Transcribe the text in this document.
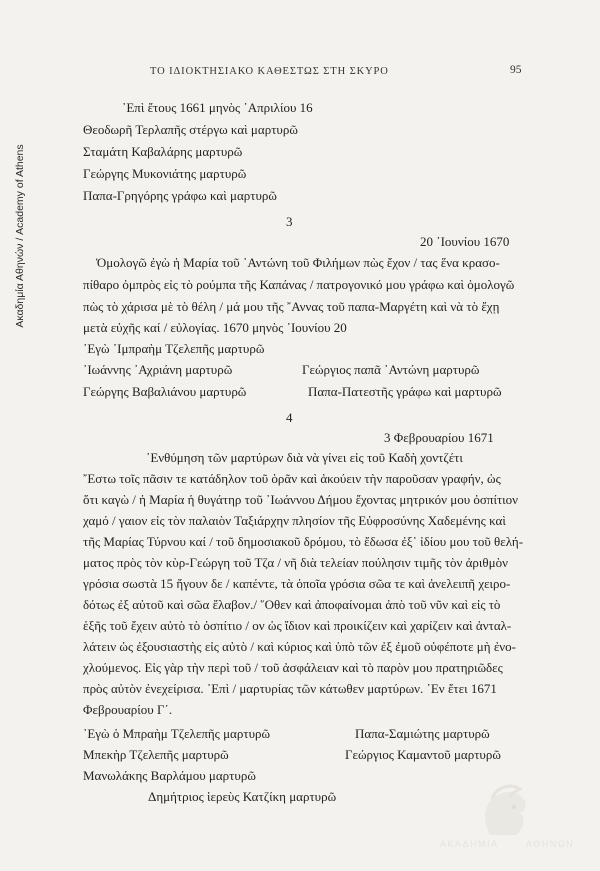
Ακαδημία Αθηνών / Academy of Athens
ΤΟ ΙΔΙΟΚΤΗΣΙΑΚΟ ΚΑΘΕΣΤΩΣ ΣΤΗ ΣΚΥΡΟ	95
᾿Επὶ ἔτους 1661 μηνὸς ᾿Απριλίου 16
Θεοδωρῆ Τερλαπῆς στέργω καὶ μαρτυρῶ
Σταμάτη Καβαλάρης μαρτυρῶ
Γεώργης Μυκονιάτης μαρτυρῶ
Παπα-Γρηγόρης γράφω καὶ μαρτυρῶ
3
20 ᾿Ιουνίου 1670
Ὁμολογῶ ἐγὼ ἡ Μαρία τοῦ ᾿Αντώνη τοῦ Φιλήμων πὼς ἔχον / τας ἕνα κρασο-
πίθαρο ὀμπρὸς εἰς τὸ ρούμπα τῆς Καπάνας / πατρογονικό μου γράφω καὶ ὁμολογῶ
πὼς τὸ χάρισα μὲ τὸ θέλη / μά μου τῆς ῎Αννας τοῦ παπα-Μαργέτη καὶ νὰ τὸ ἔχῃ
μετὰ εὐχῆς καί / εὐλογίας. 1670 μηνὸς ᾿Ιουνίου 20
᾿Εγὼ ῾Ιμπραὴμ Τζελεπῆς μαρτυρῶ
᾿Ιωάννης ᾿Αχριάνη μαρτυρῶ	Γεώργιος παπᾶ ᾿Αντώνη μαρτυρῶ
Γεώργης Βαβαλιάνου μαρτυρῶ	Παπα-Πατεστῆς γράφω καὶ μαρτυρῶ
4
3 Φεβρουαρίου 1671
᾿Ενθύμηση τῶν μαρτύρων διὰ νὰ γίνει εἰς τοῦ Καδὴ χοντζέτι
῎Εστω τοῖς πᾶσιν τε κατάδηλον τοῦ ὁρᾶν καὶ ἀκούειν τὴν παροῦσαν γραφήν, ὡς
ὅτι καγὼ / ἡ Μαρία ἡ θυγάτηρ τοῦ ᾿Ιωάννου Δήμου ἔχοντας μητρικόν μου ὀσπίτιον
χαμό / γαιον εἰς τὸν παλαιὸν Ταξιάρχην πλησίον τῆς Εὐφροσύνης Χαδεμένης καὶ
τῆς Μαρίας Τύρνου καί / τοῦ δημοσιακοῦ δρόμου, τὸ ἔδωσα ἐξ᾿ ἰδίου μου τοῦ θελή-
ματος πρὸς τὸν κὺρ-Γεώργη τοῦ Τζα / νῆ διὰ τελείαν πούλησιν τιμῆς τὸν ἀριθμὸν
γρόσια σωστὰ 15 ἤγουν δε / καπέντε, τὰ ὁποῖα γρόσια σῶα τε καὶ ἀνελειπῆ χειρο-
δότως ἐξ αὐτοῦ καὶ σῶα ἔλαβον./ ῞Οθεν καὶ ἀποφαίνομαι ἀπὸ τοῦ νῦν καὶ εἰς τὸ
ἑξῆς τοῦ ἔχειν αὐτὸ τὸ ὀσπίτιο / ον ὡς ἴδιον καὶ προικίζειν καὶ χαρίζειν καὶ ἀνταλ-
λάτειν ὡς ἐξουσιαστὴς εἰς αὐτὸ / καὶ κύριος καὶ ὑπὸ τῶν ἐξ ἐμοῦ οὐφέποτε μὴ ἐνο-
χλούμενος. Εἰς γὰρ τὴν περὶ τοῦ / τοῦ ἀσφάλειαν καὶ τὸ παρὸν μου πρατηριῶδες
πρὸς αὐτὸν ἐνεχείρισα. ᾿Επὶ / μαρτυρίας τῶν κάτωθεν μαρτύρων. ᾿Εν ἔτει 1671
Φεβρουαρίου Γ΄.
᾿Εγὼ ὁ Μπραὴμ Τζελεπῆς μαρτυρῶ	Παπα-Σαμιώτης μαρτυρῶ
Μπεκὴρ Τζελεπῆς μαρτυρῶ	Γεώργιος Καμαντοῦ μαρτυρῶ
Μανωλάκης Βαρλάμου μαρτυρῶ
Δημήτριος ἱερεὺς Κατζίκη μαρτυρῶ
ΑΚΑΔΗΜΙΑ	ΑΘΗΝΩΝ
